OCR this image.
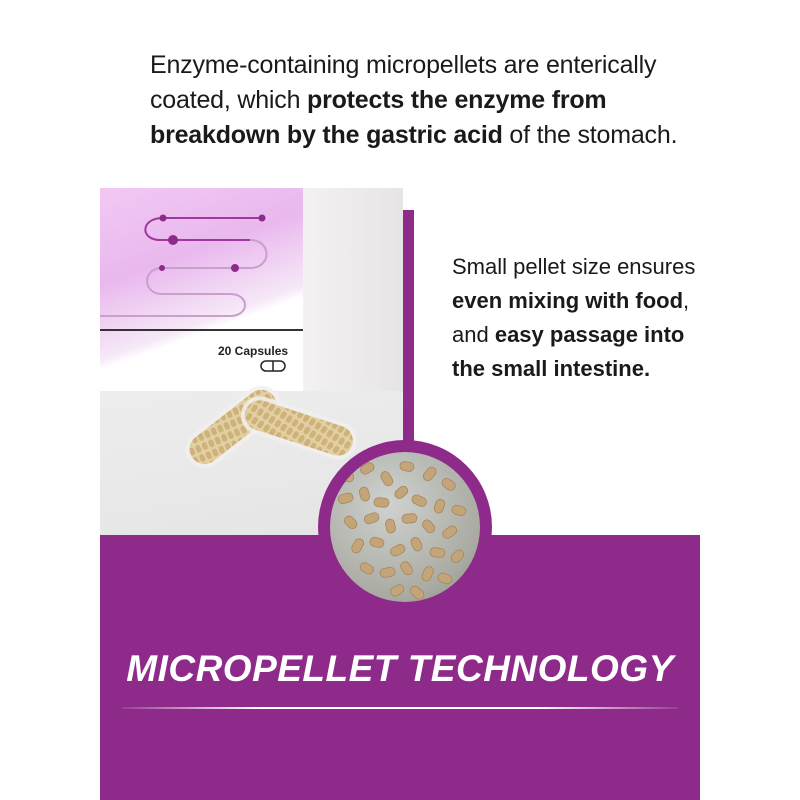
Enzyme-containing micropellets are enterically coated, which protects the enzyme from breakdown by the gastric acid of the stomach.
20 Capsules
Small pellet size ensures even mixing with food, and easy passage into the small intestine.
MICROPELLET TECHNOLOGY
